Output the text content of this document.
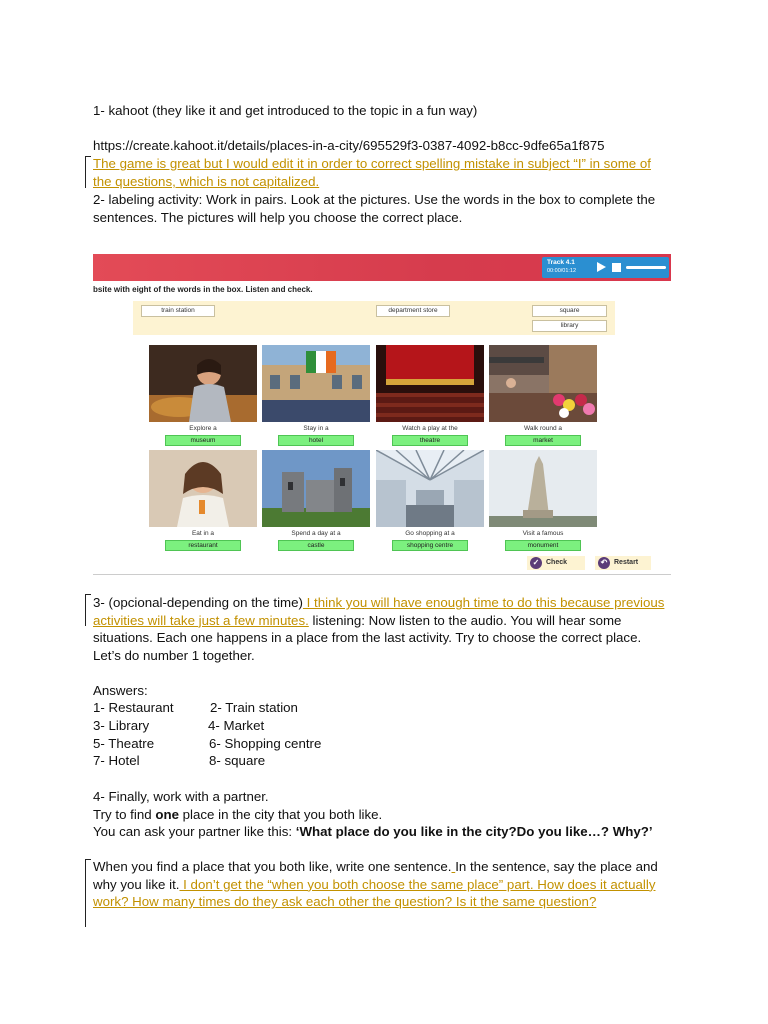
1- kahoot (they like it and get introduced to the topic in a fun way)

https://create.kahoot.it/details/places-in-a-city/695529f3-0387-4092-b8cc-9dfe65a1f875

The game is great but I would edit it in order to correct spelling mistake in subject “I” in some of the questions, which is not capitalized.

2- labeling activity: Work in pairs. Look at the pictures. Use the words in the box to complete the sentences. The pictures will help you choose the correct place.

Track 4.1
00:00/01:12
bsite with eight of the words in the box. Listen and check.
train station	department store	square
library
Explore a
museum
Stay in a
hotel
Watch a play at the
theatre
Walk round a
market
Eat in a
restaurant
Spend a day at a
castle
Go shopping at a
shopping centre
Visit a famous
monument
✓ Check	↶ Restart

3- (opcional-depending on the time) I think you will have enough time to do this because previous activities will take just a few minutes. listening: Now listen to the audio. You will hear some situations. Each one happens in a place from the last activity. Try to choose the correct place. Let’s do number 1 together.

Answers:

1- Restaurant	2- Train station
3- Library	4- Market
5- Theatre	6- Shopping centre
7- Hotel	8- square

4- Finally, work with a partner.

Try to find one place in the city that you both like.

You can ask your partner like this: ‘What place do you like in the city?Do you like…? Why?’

When you find a place that you both like, write one sentence. In the sentence, say the place and why you like it. I don’t get the “when you both choose the same place” part. How does it actually work? How many times do they ask each other the question? Is it the same question?
